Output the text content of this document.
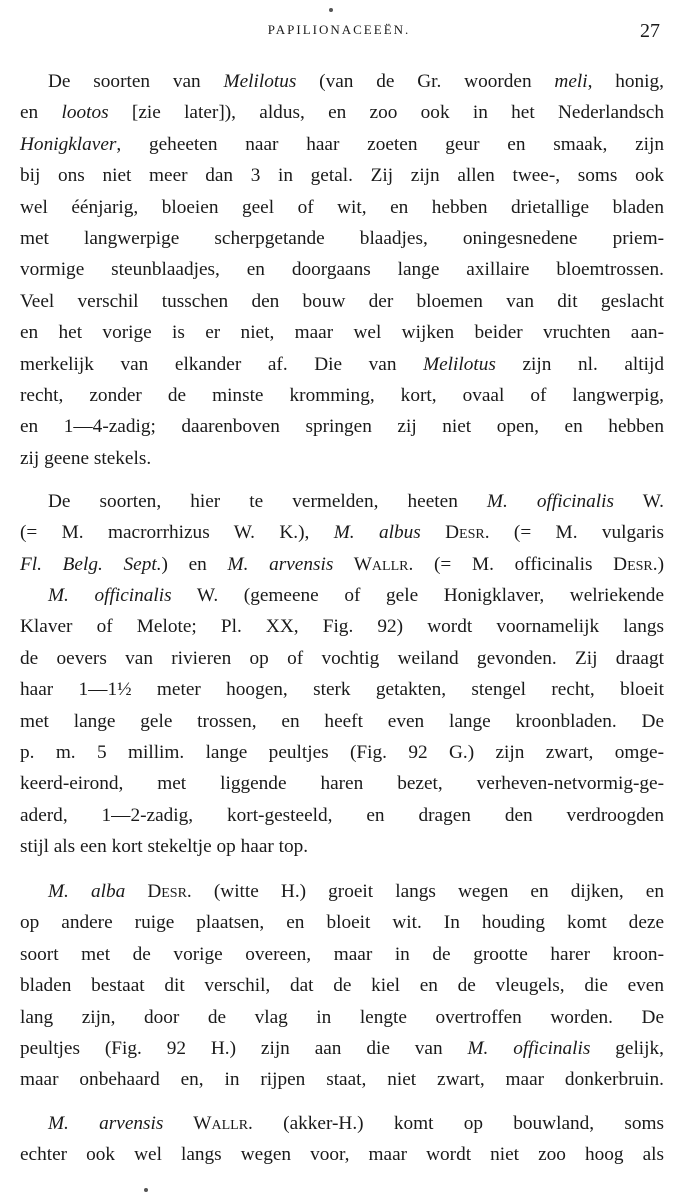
PAPILIONACEEËN.	27
De soorten van Melilotus (van de Gr. woorden meli, honig,
en lootos [zie later]), aldus, en zoo ook in het Nederlandsch
Honigklaver, geheeten naar haar zoeten geur en smaak, zijn
bij ons niet meer dan 3 in getal. Zij zijn allen twee-, soms ook
wel éénjarig, bloeien geel of wit, en hebben drietallige bladen
met langwerpige scherpgetande blaadjes, oningesnedene priem-
vormige steunblaadjes, en doorgaans lange axillaire bloemtrossen.
Veel verschil tusschen den bouw der bloemen van dit geslacht
en het vorige is er niet, maar wel wijken beider vruchten aan-
merkelijk van elkander af. Die van Melilotus zijn nl. altijd
recht, zonder de minste kromming, kort, ovaal of langwerpig,
en 1—4-zadig; daarenboven springen zij niet open, en hebben
zij geene stekels.
De soorten, hier te vermelden, heeten M. officinalis W.
(= M. macrorrhizus W. K.), M. albus Desr. (= M. vulgaris
Fl. Belg. Sept.) en M. arvensis Wallr. (= M. officinalis Desr.)
M. officinalis W. (gemeene of gele Honigklaver, welriekende
Klaver of Melote; Pl. XX, Fig. 92) wordt voornamelijk langs
de oevers van rivieren op of vochtig weiland gevonden. Zij draagt
haar 1—1½ meter hoogen, sterk getakten, stengel recht, bloeit
met lange gele trossen, en heeft even lange kroonbladen. De
p. m. 5 millim. lange peultjes (Fig. 92 G.) zijn zwart, omge-
keerd-eirond, met liggende haren bezet, verheven-netvormig-ge-
aderd, 1—2-zadig, kort-gesteeld, en dragen den verdroogden
stijl als een kort stekeltje op haar top.
M. alba Desr. (witte H.) groeit langs wegen en dijken, en
op andere ruige plaatsen, en bloeit wit. In houding komt deze
soort met de vorige overeen, maar in de grootte harer kroon-
bladen bestaat dit verschil, dat de kiel en de vleugels, die even
lang zijn, door de vlag in lengte overtroffen worden. De
peultjes (Fig. 92 H.) zijn aan die van M. officinalis gelijk,
maar onbehaard en, in rijpen staat, niet zwart, maar donkerbruin.
M. arvensis Wallr. (akker-H.) komt op bouwland, soms
echter ook wel langs wegen voor, maar wordt niet zoo hoog als
